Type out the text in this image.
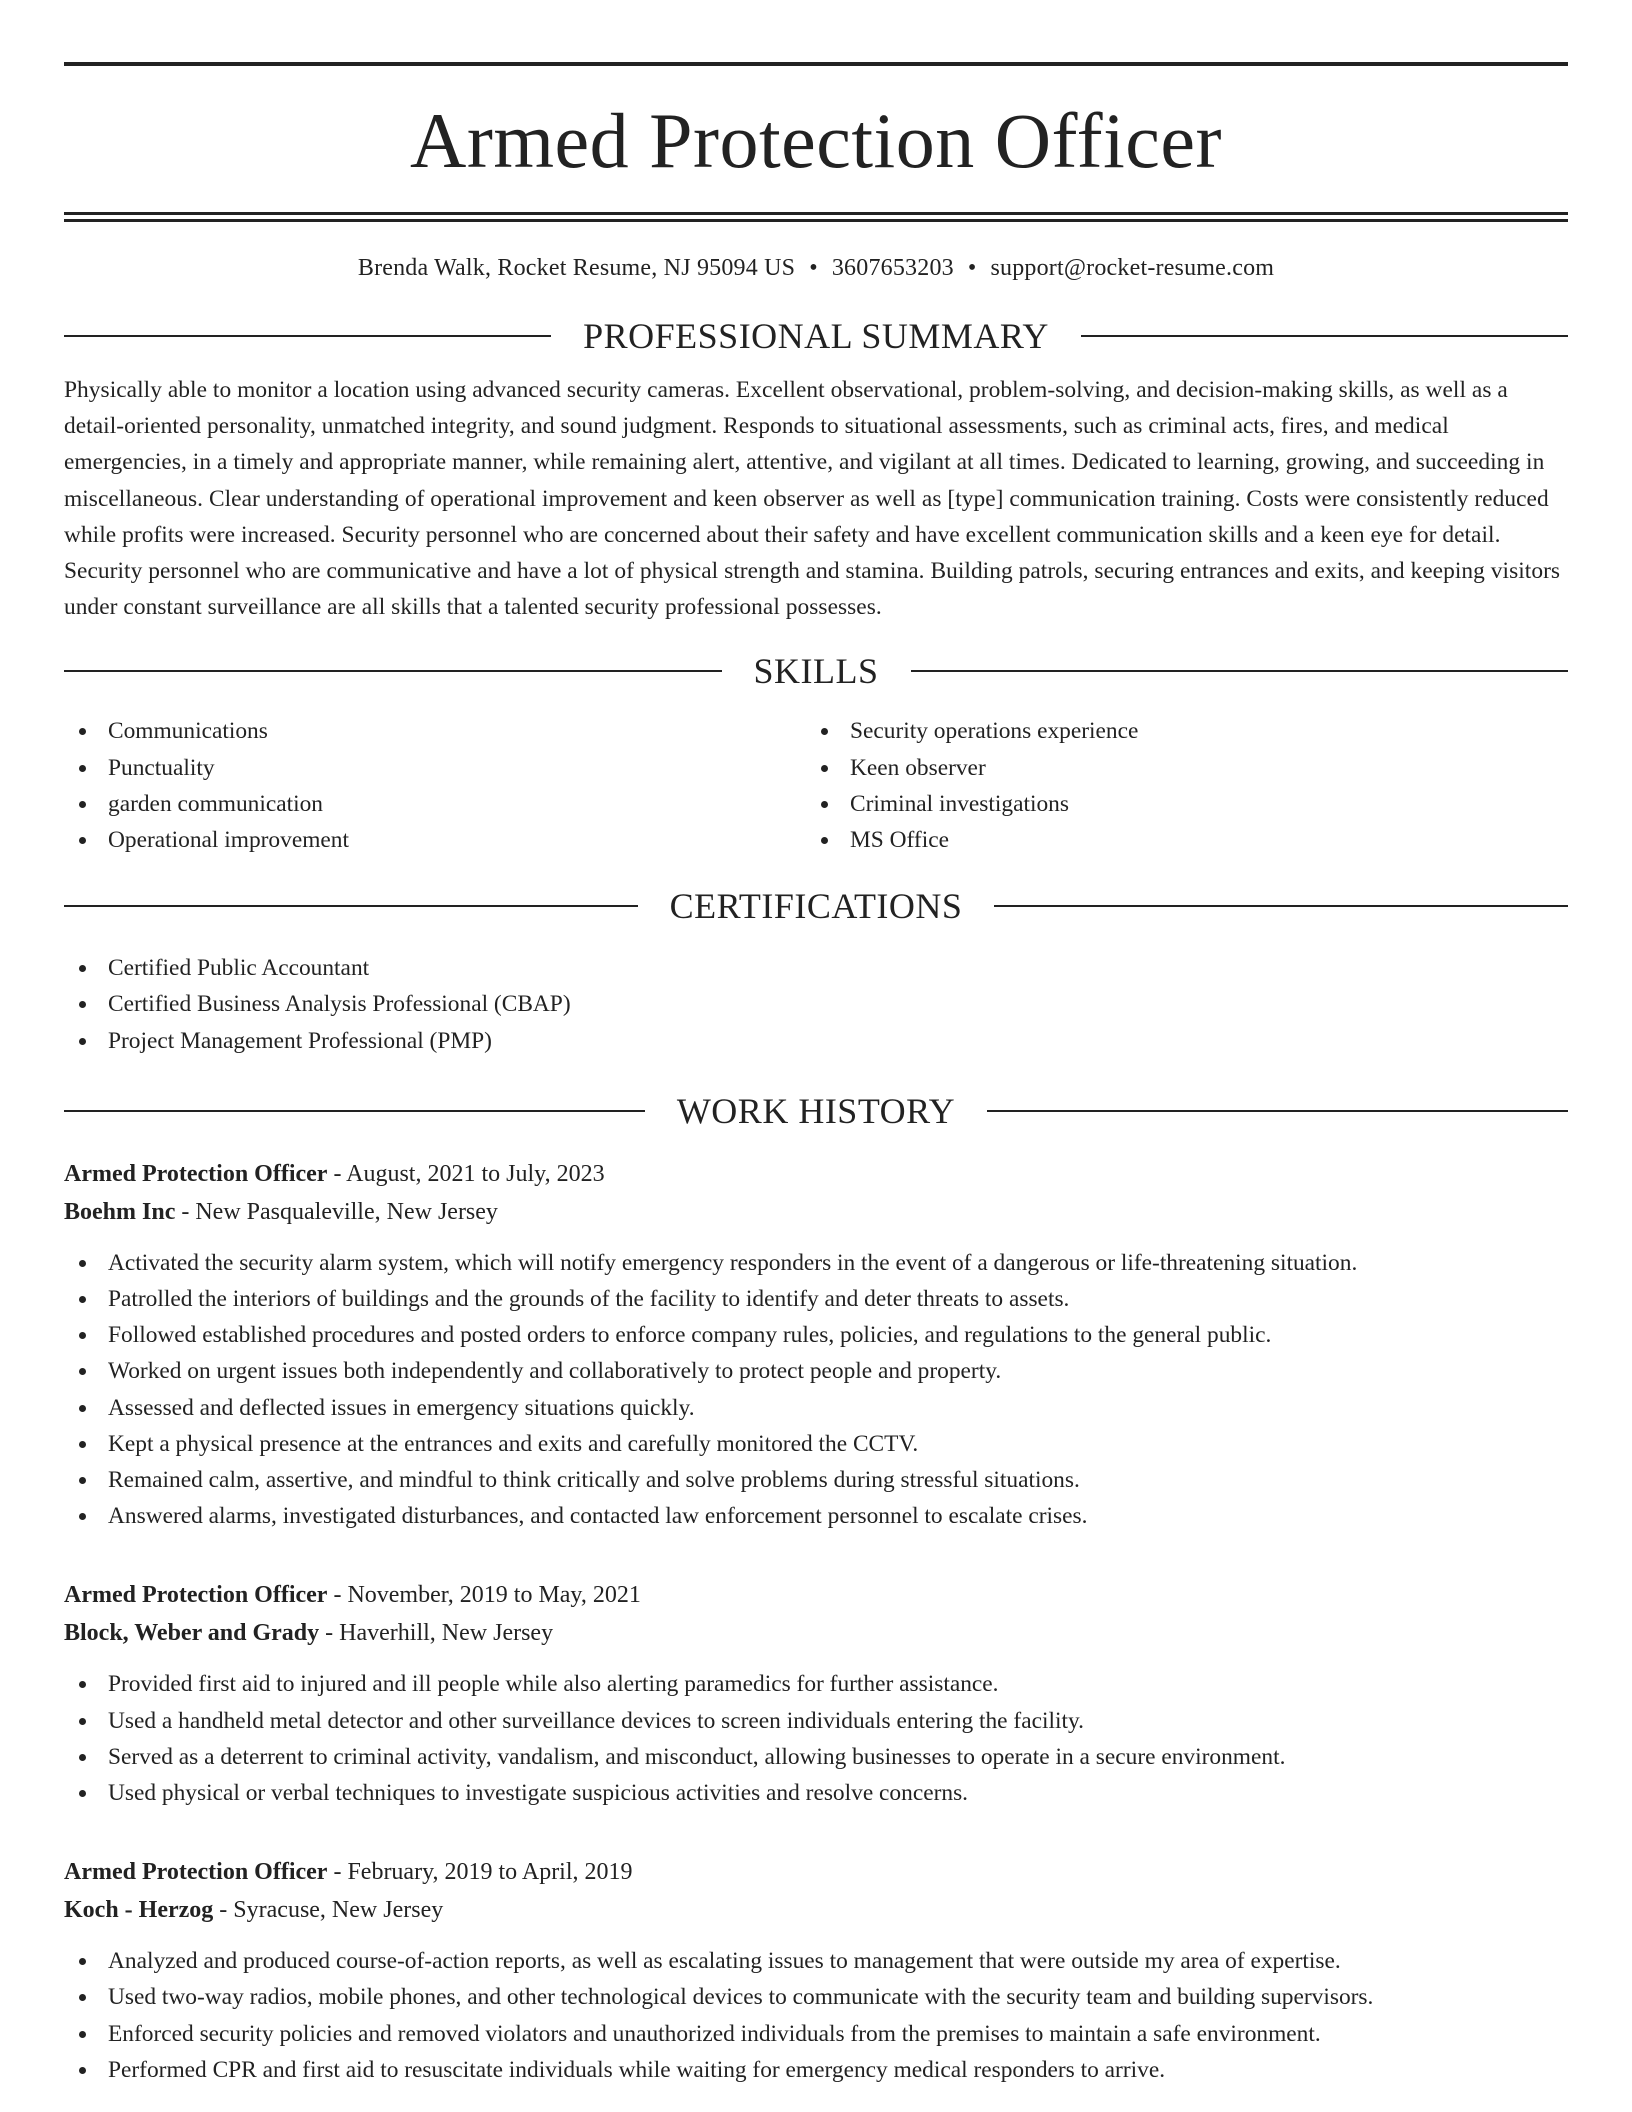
Armed Protection Officer
Brenda Walk, Rocket Resume, NJ 95094 US • 3607653203 • support@rocket-resume.com
PROFESSIONAL SUMMARY

Physically able to monitor a location using advanced security cameras. Excellent observational, problem-solving, and decision-making skills, as well as a detail-oriented personality, unmatched integrity, and sound judgment. Responds to situational assessments, such as criminal acts, fires, and medical emergencies, in a timely and appropriate manner, while remaining alert, attentive, and vigilant at all times. Dedicated to learning, growing, and succeeding in miscellaneous. Clear understanding of operational improvement and keen observer as well as [type] communication training. Costs were consistently reduced while profits were increased. Security personnel who are concerned about their safety and have excellent communication skills and a keen eye for detail. Security personnel who are communicative and have a lot of physical strength and stamina. Building patrols, securing entrances and exits, and keeping visitors under constant surveillance are all skills that a talented security professional possesses.

SKILLS
Communications
Punctuality
garden communication
Operational improvement
Security operations experience
Keen observer
Criminal investigations
MS Office
CERTIFICATIONS
Certified Public Accountant
Certified Business Analysis Professional (CBAP)
Project Management Professional (PMP)
WORK HISTORY
Armed Protection Officer - August, 2021 to July, 2023
Boehm Inc - New Pasqualeville, New Jersey
Activated the security alarm system, which will notify emergency responders in the event of a dangerous or life-threatening situation.
Patrolled the interiors of buildings and the grounds of the facility to identify and deter threats to assets.
Followed established procedures and posted orders to enforce company rules, policies, and regulations to the general public.
Worked on urgent issues both independently and collaboratively to protect people and property.
Assessed and deflected issues in emergency situations quickly.
Kept a physical presence at the entrances and exits and carefully monitored the CCTV.
Remained calm, assertive, and mindful to think critically and solve problems during stressful situations.
Answered alarms, investigated disturbances, and contacted law enforcement personnel to escalate crises.
Armed Protection Officer - November, 2019 to May, 2021
Block, Weber and Grady - Haverhill, New Jersey
Provided first aid to injured and ill people while also alerting paramedics for further assistance.
Used a handheld metal detector and other surveillance devices to screen individuals entering the facility.
Served as a deterrent to criminal activity, vandalism, and misconduct, allowing businesses to operate in a secure environment.
Used physical or verbal techniques to investigate suspicious activities and resolve concerns.
Armed Protection Officer - February, 2019 to April, 2019
Koch - Herzog - Syracuse, New Jersey
Analyzed and produced course-of-action reports, as well as escalating issues to management that were outside my area of expertise.
Used two-way radios, mobile phones, and other technological devices to communicate with the security team and building supervisors.
Enforced security policies and removed violators and unauthorized individuals from the premises to maintain a safe environment.
Performed CPR and first aid to resuscitate individuals while waiting for emergency medical responders to arrive.
